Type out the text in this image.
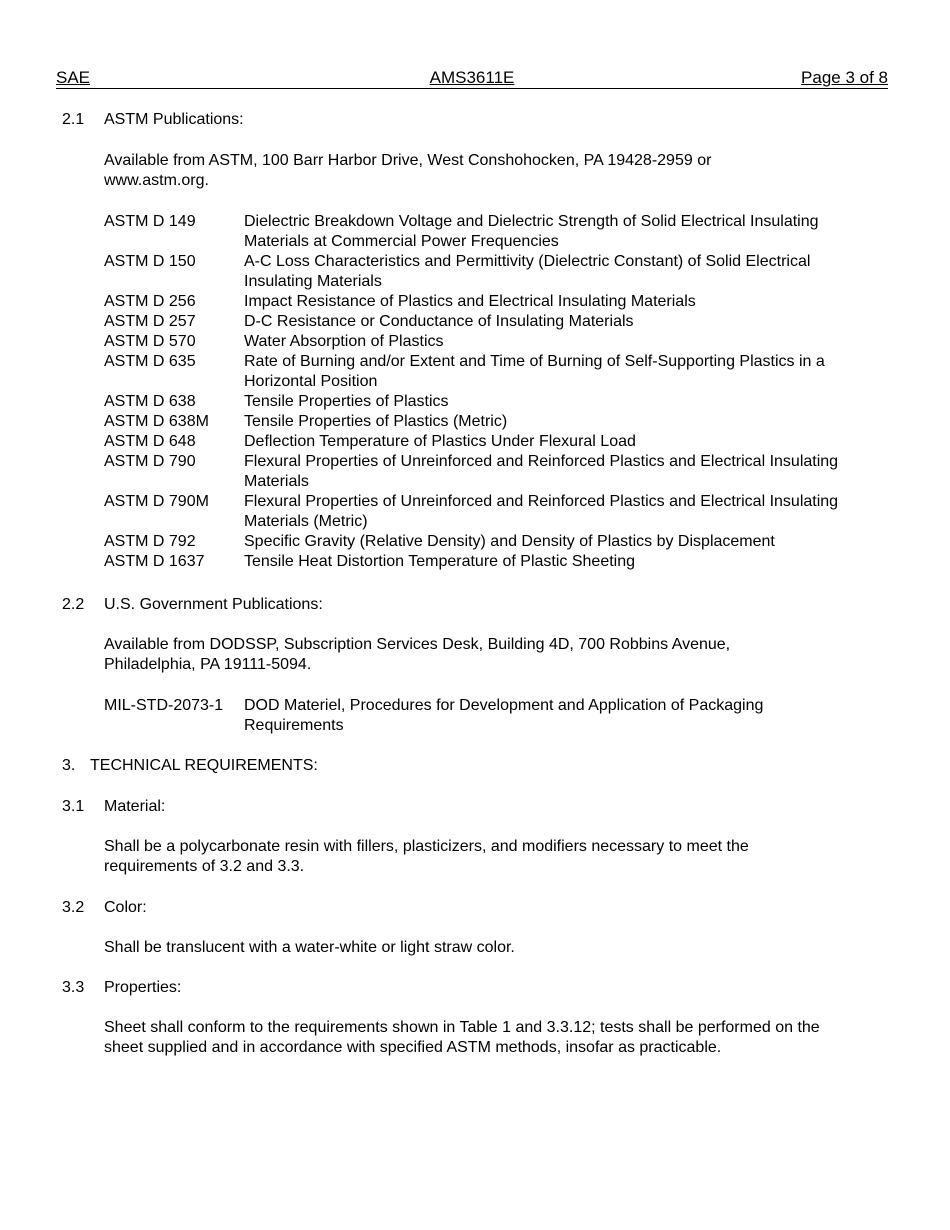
SAE	AMS3611E	Page 3 of 8
2.1 ASTM Publications:
Available from ASTM, 100 Barr Harbor Drive, West Conshohocken, PA 19428-2959 or www.astm.org.
ASTM D 149	Dielectric Breakdown Voltage and Dielectric Strength of Solid Electrical Insulating Materials at Commercial Power Frequencies
ASTM D 150	A-C Loss Characteristics and Permittivity (Dielectric Constant) of Solid Electrical Insulating Materials
ASTM D 256	Impact Resistance of Plastics and Electrical Insulating Materials
ASTM D 257	D-C Resistance or Conductance of Insulating Materials
ASTM D 570	Water Absorption of Plastics
ASTM D 635	Rate of Burning and/or Extent and Time of Burning of Self-Supporting Plastics in a Horizontal Position
ASTM D 638	Tensile Properties of Plastics
ASTM D 638M	Tensile Properties of Plastics (Metric)
ASTM D 648	Deflection Temperature of Plastics Under Flexural Load
ASTM D 790	Flexural Properties of Unreinforced and Reinforced Plastics and Electrical Insulating Materials
ASTM D 790M	Flexural Properties of Unreinforced and Reinforced Plastics and Electrical Insulating Materials (Metric)
ASTM D 792	Specific Gravity (Relative Density) and Density of Plastics by Displacement
ASTM D 1637	Tensile Heat Distortion Temperature of Plastic Sheeting
2.2 U.S. Government Publications:
Available from DODSSP, Subscription Services Desk, Building 4D, 700 Robbins Avenue, Philadelphia, PA 19111-5094.
MIL-STD-2073-1	DOD Materiel, Procedures for Development and Application of Packaging Requirements
3. TECHNICAL REQUIREMENTS:
3.1 Material:
Shall be a polycarbonate resin with fillers, plasticizers, and modifiers necessary to meet the requirements of 3.2 and 3.3.
3.2 Color:
Shall be translucent with a water-white or light straw color.
3.3 Properties:
Sheet shall conform to the requirements shown in Table 1 and 3.3.12; tests shall be performed on the sheet supplied and in accordance with specified ASTM methods, insofar as practicable.
